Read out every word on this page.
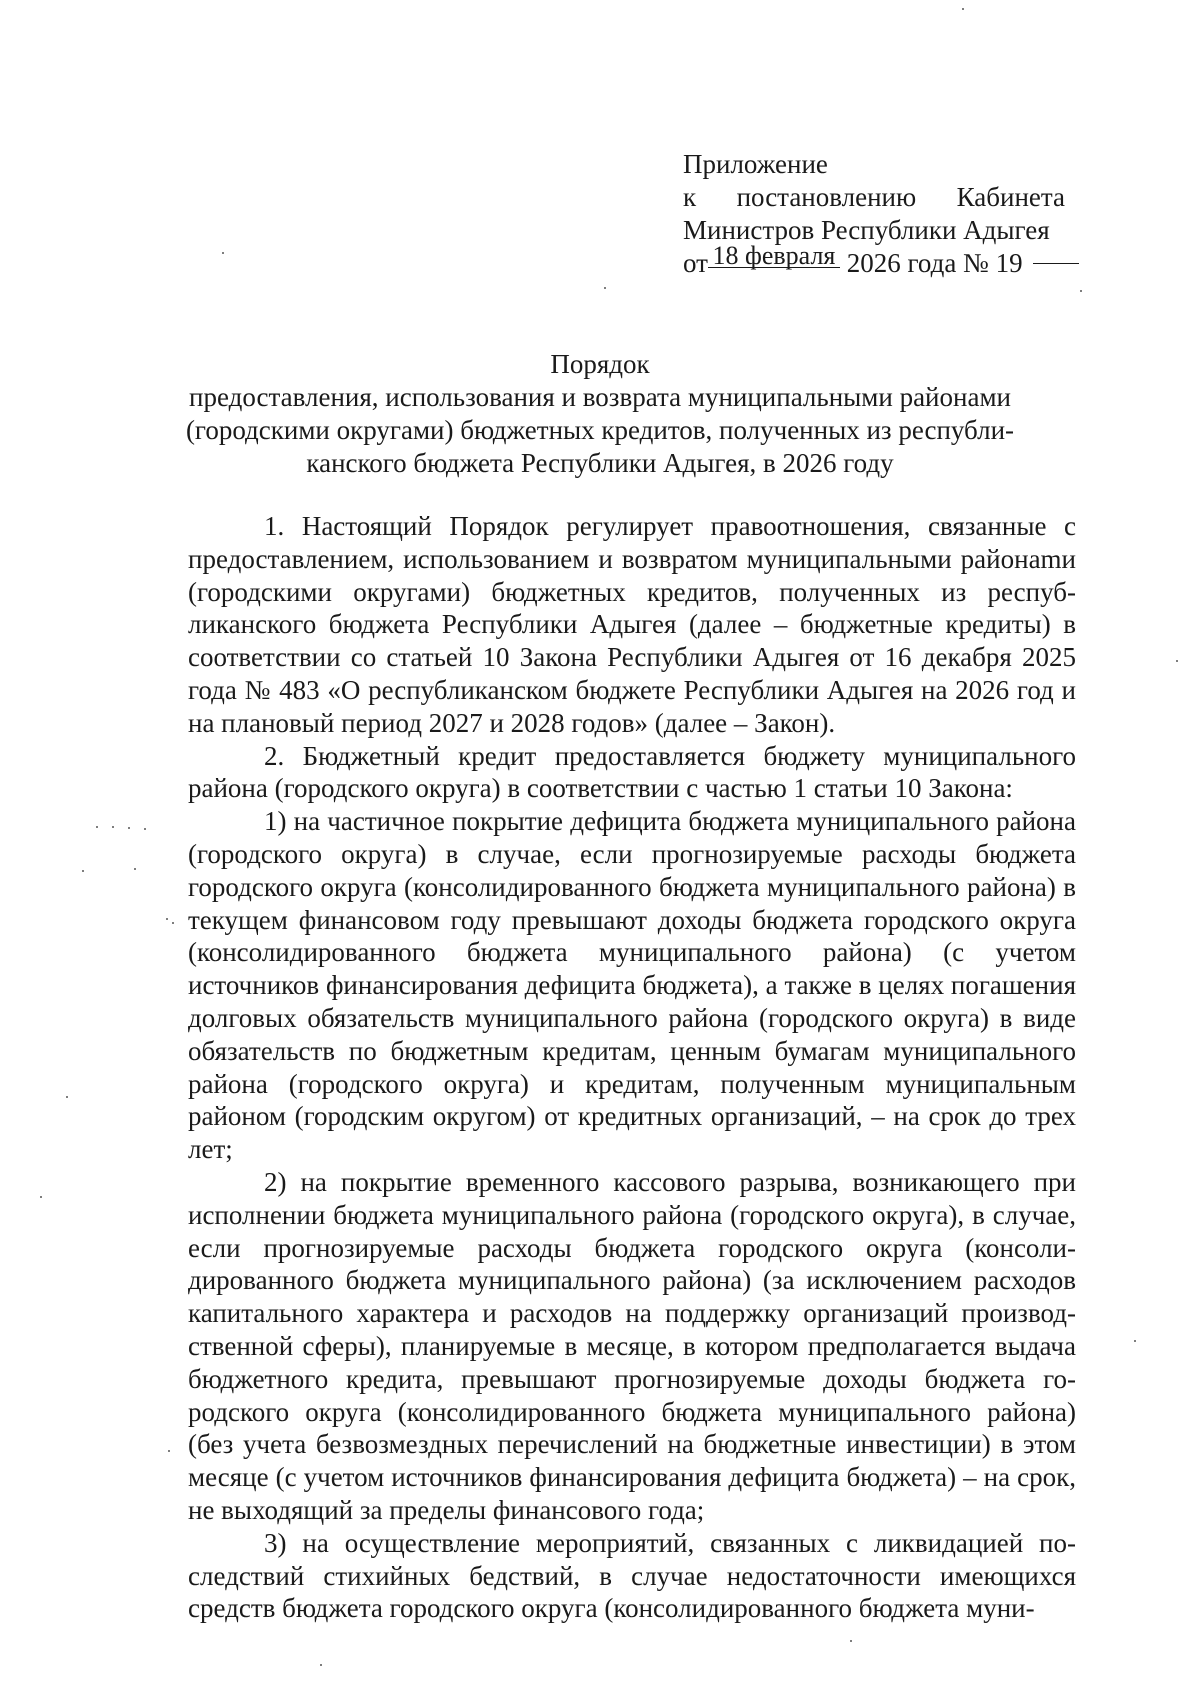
Приложение
к постановлению Кабинета
Министров Республики Адыгея
от 18 февраля 2026 года № 19
Порядок
предоставления, использования и возврата муниципальными районами
(городскими округами) бюджетных кредитов, полученных из республи-
канского бюджета Республики Адыгея, в 2026 году

1. Настоящий Порядок регулирует правоотношения, связанные с предоставлением, использованием и возвратом муниципальными районаmи (городскими округами) бюджетных кредитов, полученных из республиканского бюджета Республики Адыгея (далее – бюджетные кредиты) в соответствии со статьей 10 Закона Республики Адыгея от 16 декабря 2025 года № 483 «О республиканском бюджете Республики Адыгея на 2026 год и на плановый период 2027 и 2028 годов» (далее – Закон).

2. Бюджетный кредит предоставляется бюджету муниципального района (городского округа) в соответствии с частью 1 статьи 10 Закона:

1) на частичное покрытие дефицита бюджета муниципального района (городского округа) в случае, если прогнозируемые расходы бюджета городского округа (консолидированного бюджета муниципального района) в текущем финансовом году превышают доходы бюджета городского округа (консолидированного бюджета муниципального района) (с учетом источников финансирования дефицита бюджета), а также в целях погашения долговых обязательств муниципального района (городского округа) в виде обязательств по бюджетным кредитам, ценным бумагам муниципального района (городского округа) и кредитам, полученным муниципальным районом (городским округом) от кредитных организаций, – на срок до трех лет;

2) на покрытие временного кассового разрыва, возникающего при исполнении бюджета муниципального района (городского округа), в случае, если прогнозируемые расходы бюджета городского округа (консолидированного бюджета муниципального района) (за исключением расходов капитального характера и расходов на поддержку организаций производственной сферы), планируемые в месяце, в котором предполагается выдача бюджетного кредита, превышают прогнозируемые доходы бюджета городского округа (консолидированного бюджета муниципального района) (без учета безвозмездных перечислений на бюджетные инвестиции) в этом месяце (с учетом источников финансирования дефицита бюджета) – на срок, не выходящий за пределы финансового года;

3) на осуществление мероприятий, связанных с ликвидацией последствий стихийных бедствий, в случае недостаточности имеющихся средств бюджета городского округа (консолидированного бюджета муни-
